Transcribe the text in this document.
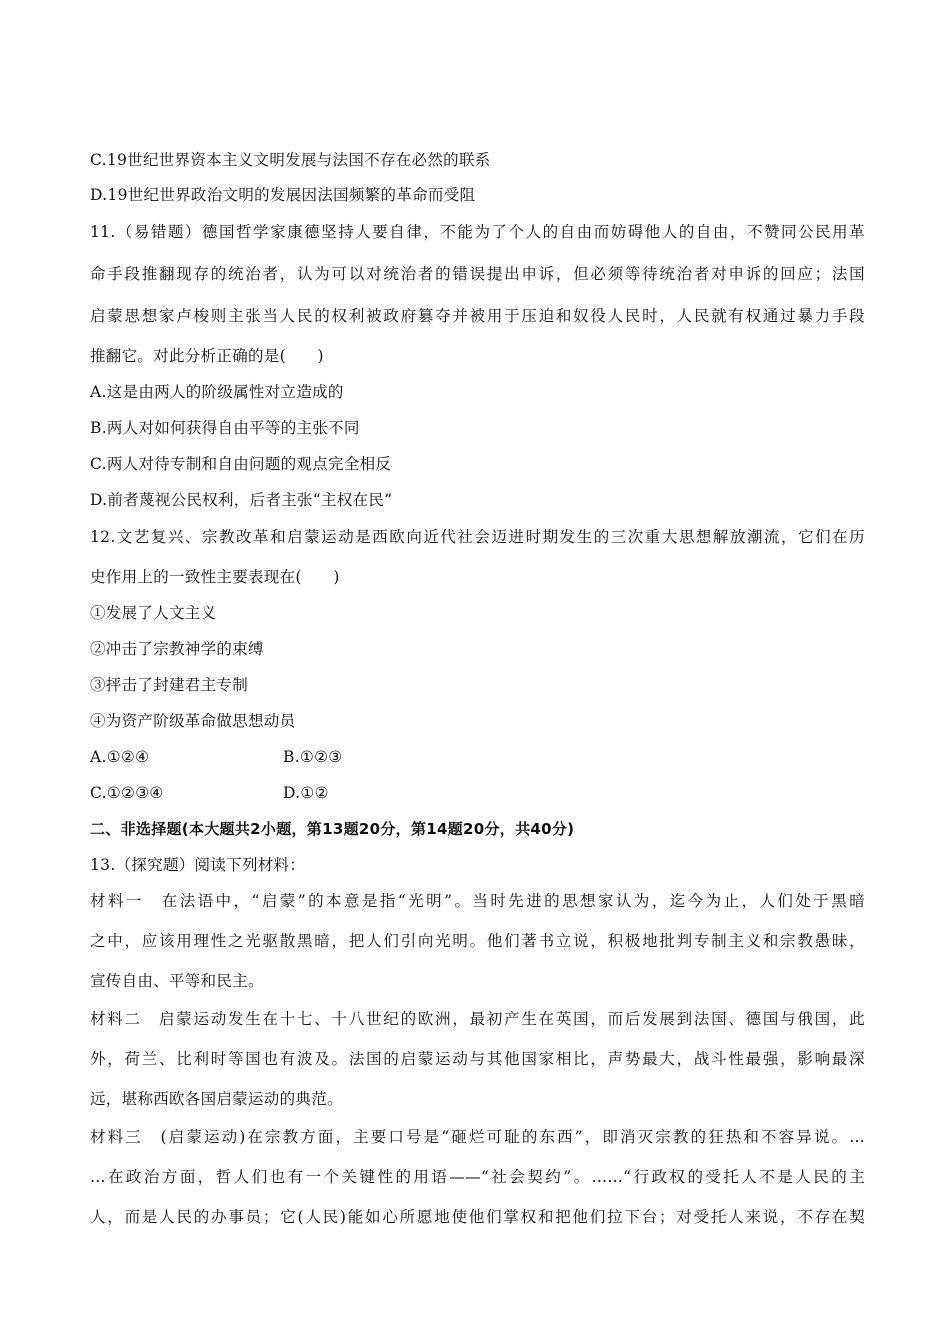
C.19世纪世界资本主义文明发展与法国不存在必然的联系
D.19世纪世界政治文明的发展因法国频繁的革命而受阻
11.（易错题）德国哲学家康德坚持人要自律，不能为了个人的自由而妨碍他人的自由，不赞同公民用革
命手段推翻现存的统治者，认为可以对统治者的错误提出申诉，但必须等待统治者对申诉的回应；法国
启蒙思想家卢梭则主张当人民的权利被政府篡夺并被用于压迫和奴役人民时，人民就有权通过暴力手段
推翻它。对此分析正确的是(　　)
A.这是由两人的阶级属性对立造成的
B.两人对如何获得自由平等的主张不同
C.两人对待专制和自由问题的观点完全相反
D.前者蔑视公民权利，后者主张“主权在民”
12.文艺复兴、宗教改革和启蒙运动是西欧向近代社会迈进时期发生的三次重大思想解放潮流，它们在历
史作用上的一致性主要表现在(　　)
①发展了人文主义
②冲击了宗教神学的束缚
③抨击了封建君主专制
④为资产阶级革命做思想动员
A.①②④	B.①②③
C.①②③④	D.①②
二、非选择题(本大题共2小题，第13题20分，第14题20分，共40分)
13.（探究题）阅读下列材料：
材料一　在法语中，“启蒙”的本意是指“光明”。当时先进的思想家认为，迄今为止，人们处于黑暗
之中，应该用理性之光驱散黑暗，把人们引向光明。他们著书立说，积极地批判专制主义和宗教愚昧，
宣传自由、平等和民主。
材料二　启蒙运动发生在十七、十八世纪的欧洲，最初产生在英国，而后发展到法国、德国与俄国，此
外，荷兰、比利时等国也有波及。法国的启蒙运动与其他国家相比，声势最大，战斗性最强，影响最深
远，堪称西欧各国启蒙运动的典范。
材料三　(启蒙运动)在宗教方面，主要口号是“砸烂可耻的东西”，即消灭宗教的狂热和不容异说。…
…在政治方面，哲人们也有一个关键性的用语——“社会契约”。……“行政权的受托人不是人民的主
人，而是人民的办事员；它(人民)能如心所愿地使他们掌权和把他们拉下台；对受托人来说，不存在契
